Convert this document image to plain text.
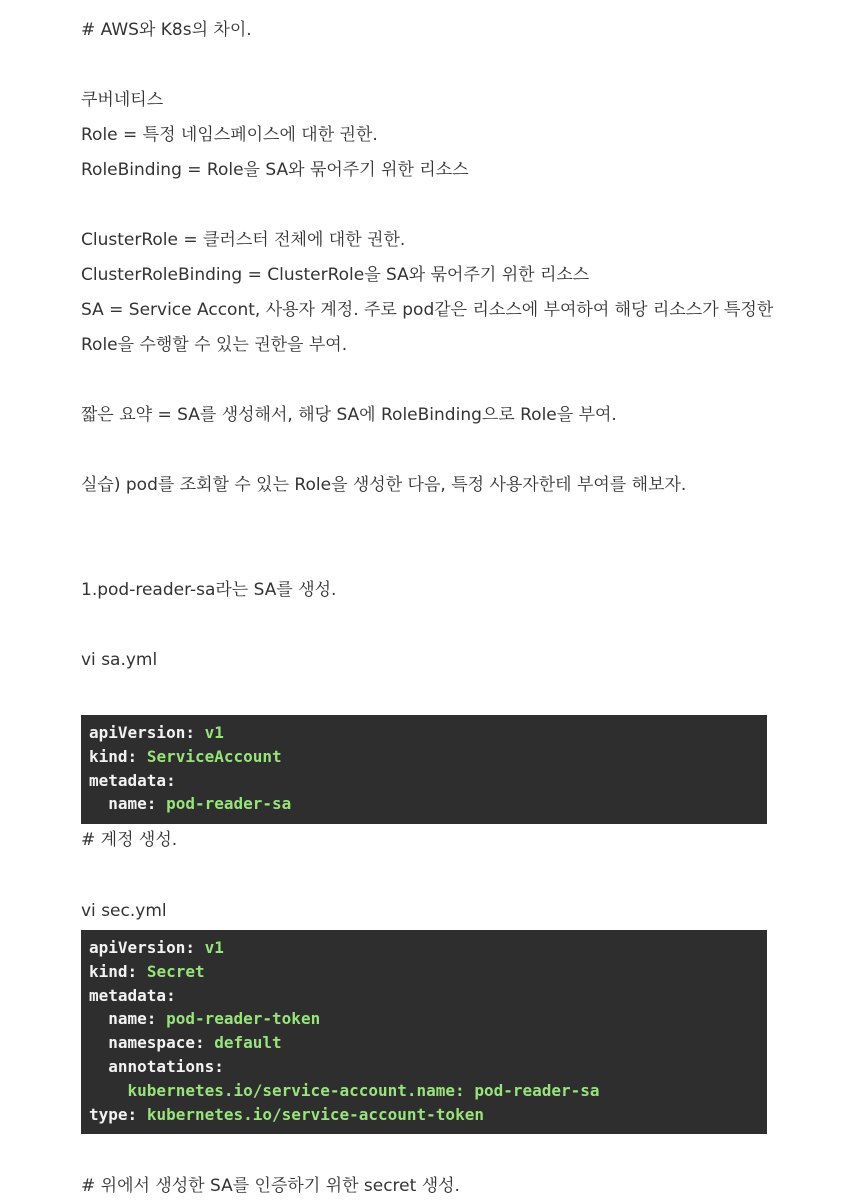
# AWS와 K8s의 차이.
쿠버네티스
Role = 특정 네임스페이스에 대한 권한.
RoleBinding = Role을 SA와 묶어주기 위한 리소스
ClusterRole = 클러스터 전체에 대한 권한.
ClusterRoleBinding = ClusterRole을 SA와 묶어주기 위한 리소스
SA = Service Accont, 사용자 계정. 주로 pod같은 리소스에 부여하여 해당 리소스가 특정한
Role을 수행할 수 있는 권한을 부여.
짧은 요약 = SA를 생성해서, 해당 SA에 RoleBinding으로 Role을 부여.
실습) pod를 조회할 수 있는 Role을 생성한 다음, 특정 사용자한테 부여를 해보자.
1.pod-reader-sa라는 SA를 생성.
vi sa.yml
apiVersion: v1
kind: ServiceAccount
metadata:
name: pod-reader-sa
# 계정 생성.
vi sec.yml
apiVersion: v1
kind: Secret
metadata:
name: pod-reader-token
namespace: default
annotations:
kubernetes.io/service-account.name: pod-reader-sa
type: kubernetes.io/service-account-token
# 위에서 생성한 SA를 인증하기 위한 secret 생성.
